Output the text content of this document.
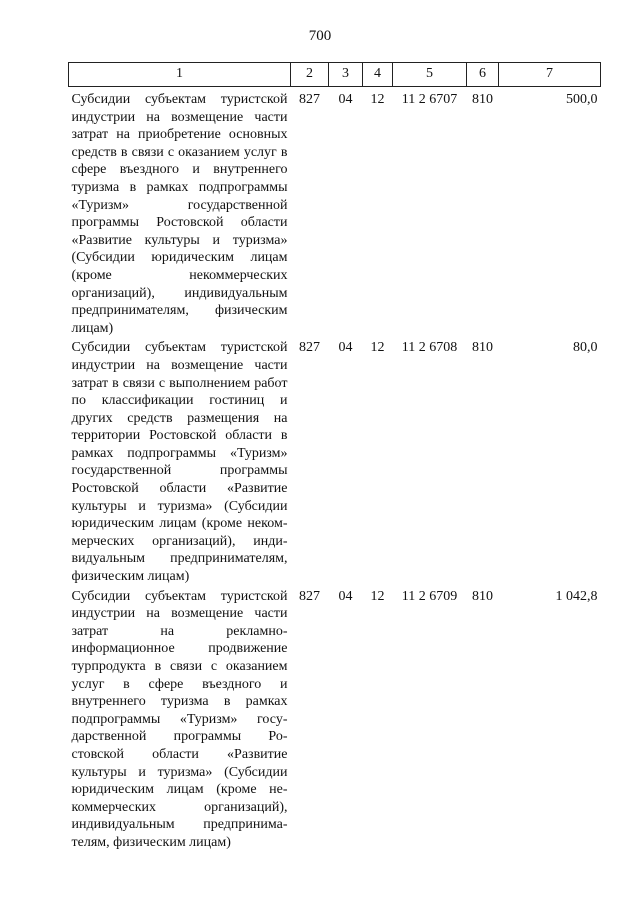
700
1	2	3	4	5	6	7
Субсидии субъектам туристской индустрии на возмещение части затрат на приобретение основных средств в связи с оказанием услуг в сфере въездного и внутреннего туризма в рамках подпрограммы «Туризм» государственной программы Ростовской области «Развитие культуры и туризма» (Субсидии юридическим лицам (кроме некоммерческих организаций), индивидуальным предпринимателям, физическим лицам)	827	04	12	11 2 6707	810	500,0
Субсидии субъектам туристской индустрии на возмещение части затрат в связи с выполнением работ по классификации гостиниц и других средств размещения на территории Ростовской области в рамках подпрограммы «Туризм» государственной программы Ростовской области «Развитие культуры и туризма» (Субсидии юридическим лицам (кроме некоммерческих организаций), индивидуальным предпринимателям, физическим лицам)	827	04	12	11 2 6708	810	80,0
Субсидии субъектам туристской индустрии на возмещение части затрат на рекламно-информационное продвижение турпродукта в связи с оказанием услуг в сфере въездного и внутреннего туризма в рамках подпрограммы «Туризм» государственной программы Ростовской области «Развитие культуры и туризма» (Субсидии юридическим лицам (кроме некоммерческих организаций), индивидуальным предпринимателям, физическим лицам)	827	04	12	11 2 6709	810	1 042,8
